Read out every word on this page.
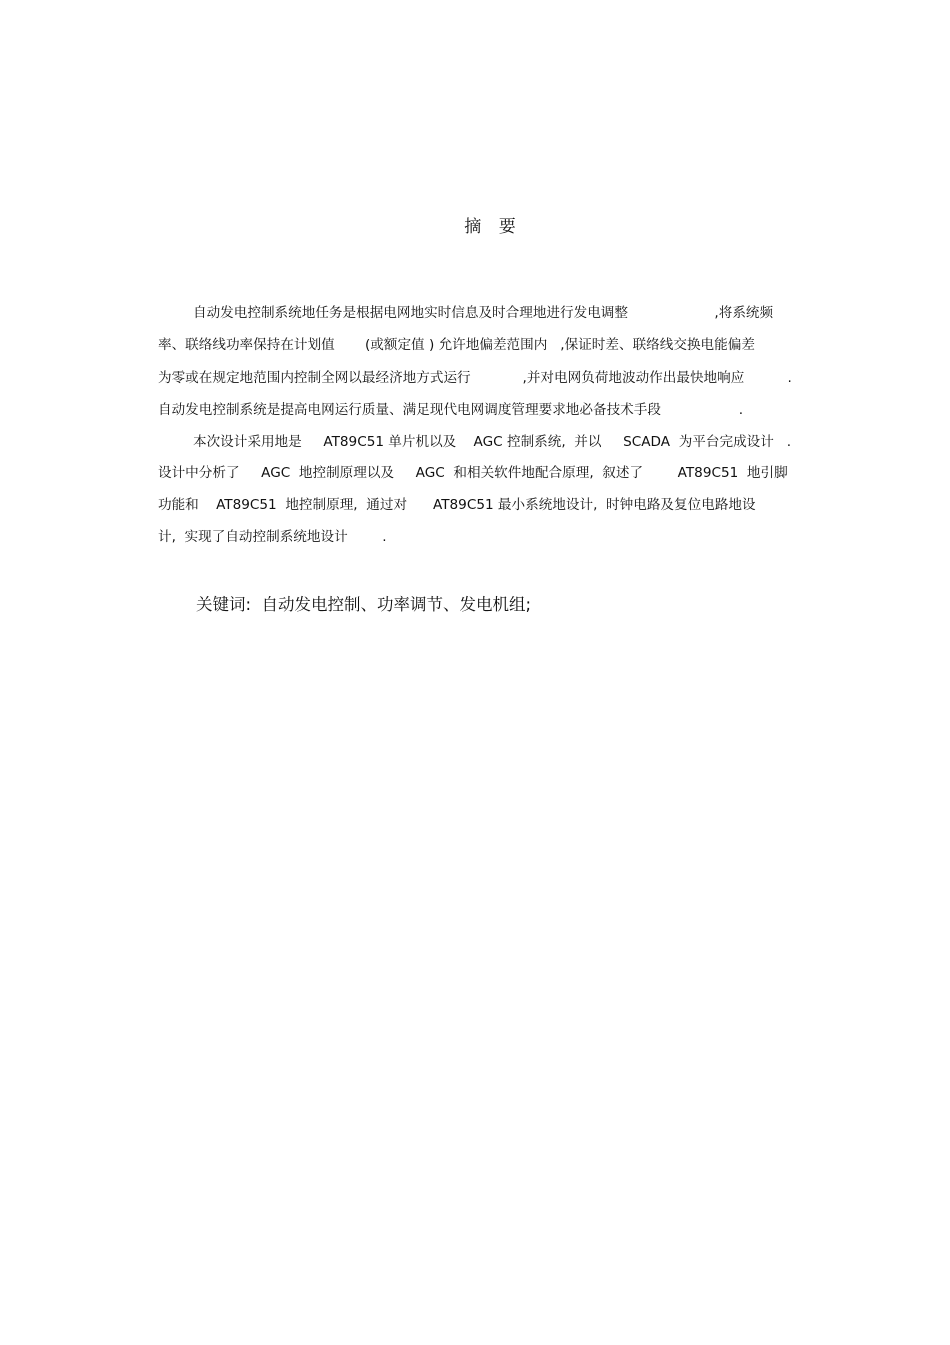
摘 要
自动发电控制系统地任务是根据电网地实时信息及时合理地进行发电调整                    ,将系统频
率、联络线功率保持在计划值       (或额定值 ) 允许地偏差范围内   ,保证时差、联络线交换电能偏差
为零或在规定地范围内控制全网以最经济地方式运行            ,并对电网负荷地波动作出最快地响应          .
自动发电控制系统是提高电网运行质量、满足现代电网调度管理要求地必备技术手段                  .
本次设计采用地是     AT89C51 单片机以及    AGC 控制系统,  并以     SCADA  为平台完成设计   .
设计中分析了     AGC  地控制原理以及     AGC  和相关软件地配合原理,  叙述了        AT89C51  地引脚
功能和    AT89C51  地控制原理,  通过对      AT89C51 最小系统地设计,  时钟电路及复位电路地设
计,  实现了自动控制系统地设计        .
关键词:  自动发电控制、功率调节、发电机组;
